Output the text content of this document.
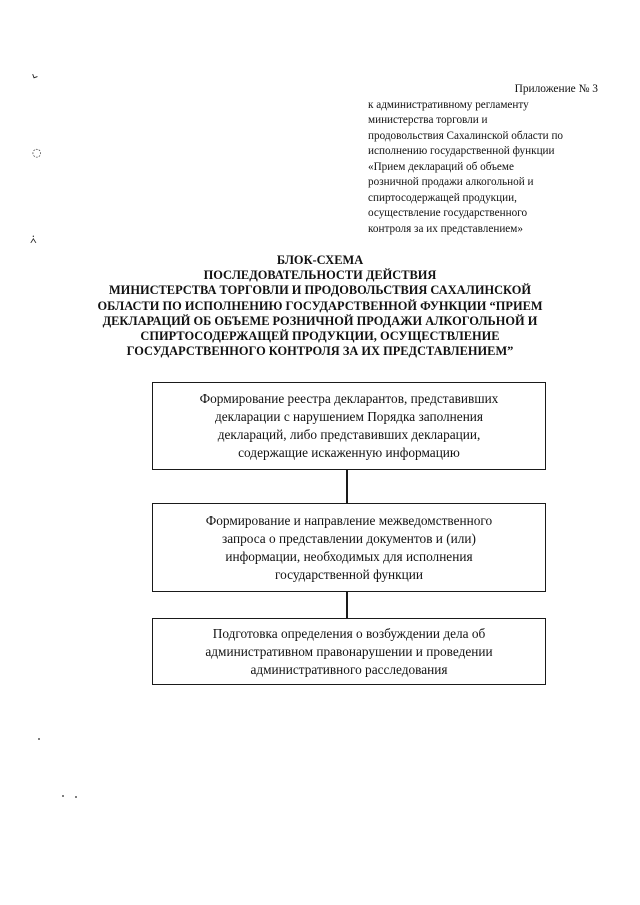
⌞
◌
⩑
Приложение № 3
к административному регламенту
министерства торговли и
продовольствия Сахалинской области по
исполнению государственной функции
«Прием деклараций об объеме
розничной продажи алкогольной и
спиртосодержащей продукции,
осуществление государственного
контроля за их представлением»
БЛОК-СХЕМА
ПОСЛЕДОВАТЕЛЬНОСТИ ДЕЙСТВИЯ
МИНИСТЕРСТВА ТОРГОВЛИ И ПРОДОВОЛЬСТВИЯ САХАЛИНСКОЙ
ОБЛАСТИ ПО ИСПОЛНЕНИЮ ГОСУДАРСТВЕННОЙ ФУНКЦИИ “ПРИЕМ
ДЕКЛАРАЦИЙ ОБ ОБЪЕМЕ РОЗНИЧНОЙ ПРОДАЖИ АЛКОГОЛЬНОЙ И
СПИРТОСОДЕРЖАЩЕЙ ПРОДУКЦИИ, ОСУЩЕСТВЛЕНИЕ
ГОСУДАРСТВЕННОГО КОНТРОЛЯ ЗА ИХ ПРЕДСТАВЛЕНИЕМ”
Формирование реестра декларантов, представивших
декларации с нарушением Порядка заполнения
деклараций, либо представивших декларации,
содержащие искаженную информацию
Формирование и направление межведомственного
запроса о представлении документов и (или)
информации, необходимых для исполнения
государственной функции
Подготовка определения о возбуждении дела об
административном правонарушении и проведении
административного расследования
